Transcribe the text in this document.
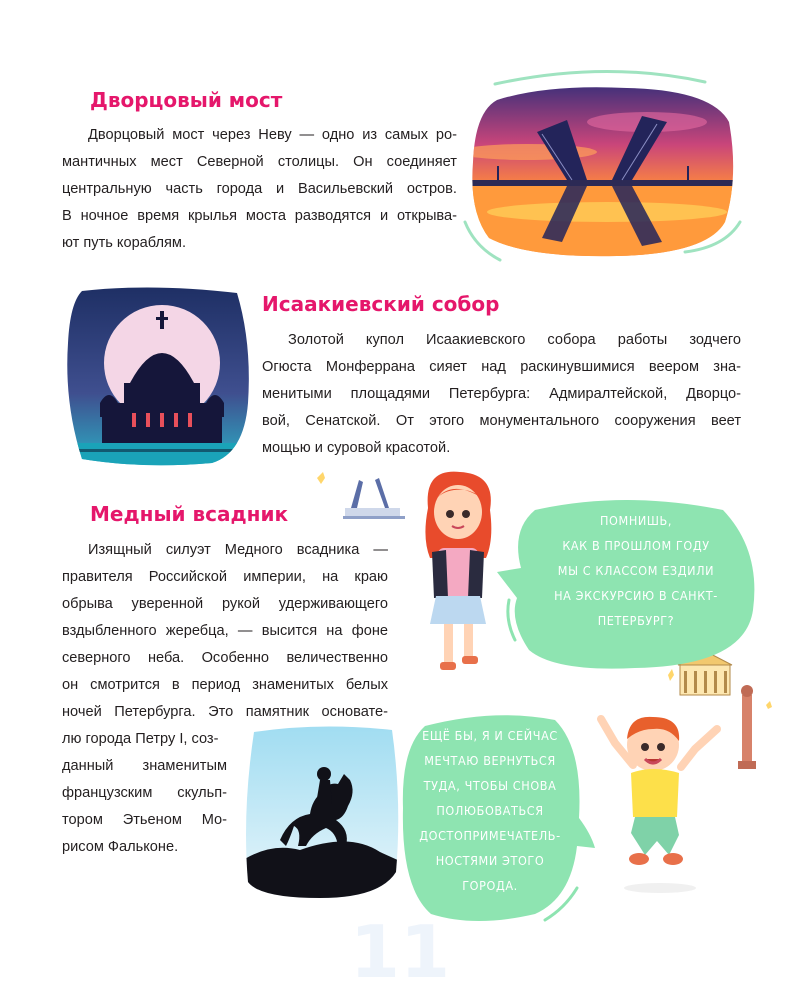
Дворцовый мост
Дворцовый мост через Неву — одно из самых ро-
мантичных мест Северной столицы. Он соединяет
центральную часть города и Васильевский остров.
В ночное время крылья моста разводятся и открыва-
ют путь кораблям.
Исаакиевский собор
Золотой купол Исаакиевского собора работы зодчего
Огюста Монферрана сияет над раскинувшимися веером зна-
менитыми площадями Петербурга: Адмиралтейской, Дворцо-
вой, Сенатской. От этого монументального сооружения веет
мощью и суровой красотой.
Медный всадник
Изящный силуэт Медного всадника —
правителя Российской империи, на краю
обрыва уверенной рукой удерживающего
вздыбленного жеребца, — высится на фоне
северного неба. Особенно величественно
он смотрится в период знаменитых белых
ночей Петербурга. Это памятник основате-
лю города Петру I, соз-
данный знаменитым
французским скульп-
тором Этьеном Мо-
рисом Фальконе.
ПОМНИШЬ,
КАК В ПРОШЛОМ ГОДУ
МЫ С КЛАССОМ ЕЗДИЛИ
НА ЭКСКУРСИЮ В САНКТ-
ПЕТЕРБУРГ?
ЕЩЁ БЫ, Я И СЕЙЧАС
МЕЧТАЮ ВЕРНУТЬСЯ
ТУДА, ЧТОБЫ СНОВА
ПОЛЮБОВАТЬСЯ
ДОСТОПРИМЕЧАТЕЛЬ-
НОСТЯМИ ЭТОГО
ГОРОДА.
11
